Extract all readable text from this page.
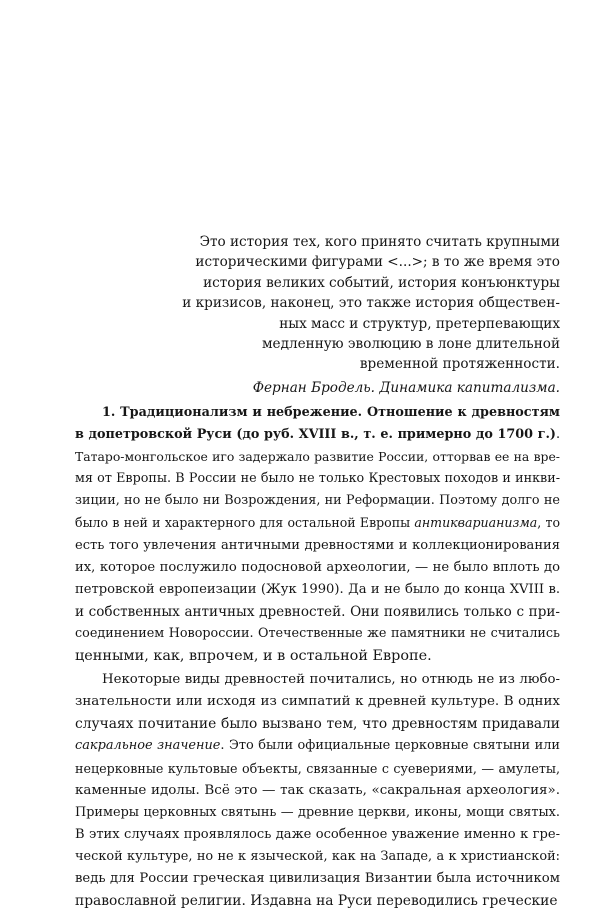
Это история тех, кого принято считать крупными
историческими фигурами <...>; в то же время это
история великих событий, история конъюнктуры
и кризисов, наконец, это также история обществен-
ных масс и структур, претерпевающих
медленную эволюцию в лоне длительной
временной протяженности.
Фернан Бродель. Динамика капитализма.
1. Традиционализм и небрежение. Отношение к древностям
в допетровской Руси (до руб. XVIII в., т. е. примерно до 1700 г.).
Татаро-монгольское иго задержало развитие России, отторвав ее на вре-
мя от Европы. В России не было не только Крестовых походов и инкви-
зиции, но не было ни Возрождения, ни Реформации. Поэтому долго не
было в ней и характерного для остальной Европы антикварианизма, то
есть того увлечения античными древностями и коллекционирования
их, которое послужило подосновой археологии, — не было вплоть до
петровской европеизации (Жук 1990). Да и не было до конца XVIII в.
и собственных античных древностей. Они появились только с при-
соединением Новороссии. Отечественные же памятники не считались
ценными, как, впрочем, и в остальной Европе.
Некоторые виды древностей почитались, но отнюдь не из любо-
знательности или исходя из симпатий к древней культуре. В одних
случаях почитание было вызвано тем, что древностям придавали
сакральное значение. Это были официальные церковные святыни или
нецерковные культовые объекты, связанные с суевериями, — амулеты,
каменные идолы. Всё это — так сказать, «сакральная археология».
Примеры церковных святынь — древние церкви, иконы, мощи святых.
В этих случаях проявлялось даже особенное уважение именно к гре-
ческой культуре, но не к языческой, как на Западе, а к христианской:
ведь для России греческая цивилизация Византии была источником
православной религии. Издавна на Руси переводились греческие
